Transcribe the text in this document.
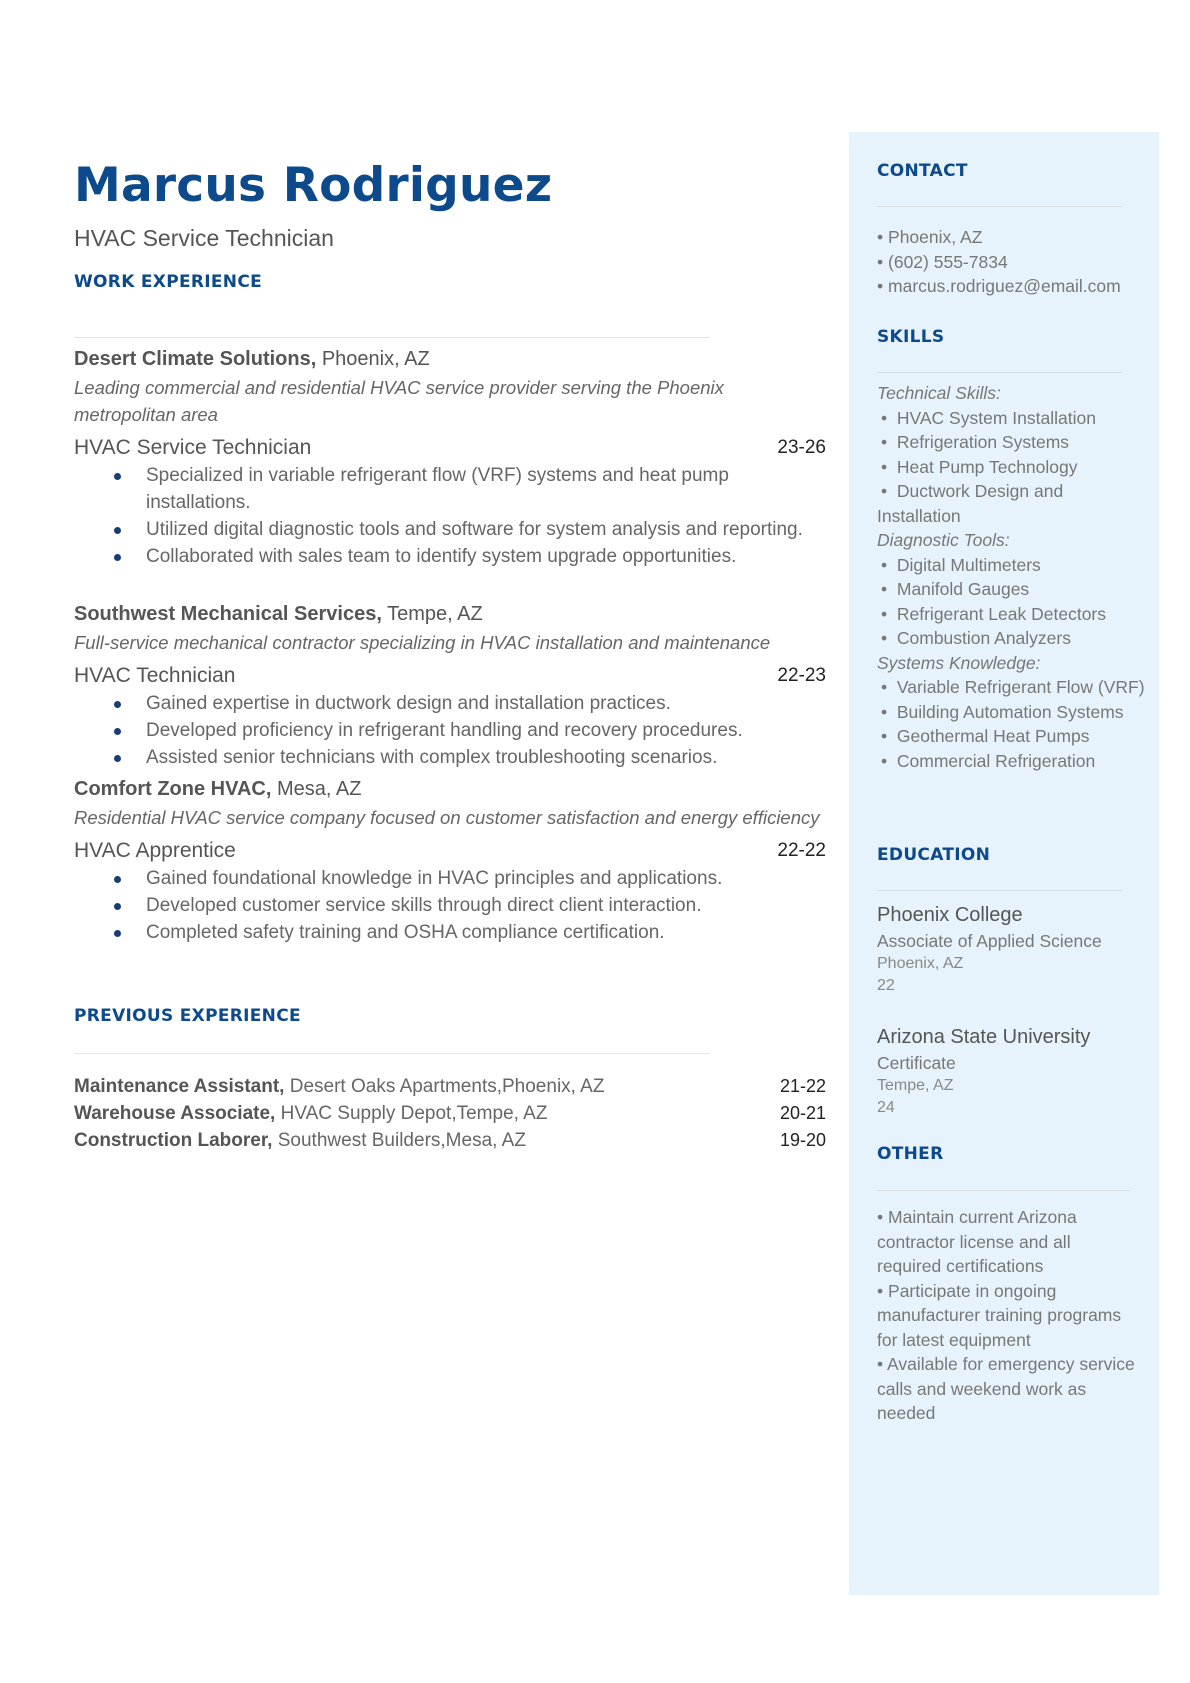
Marcus Rodriguez
HVAC Service Technician
WORK EXPERIENCE
Desert Climate Solutions, Phoenix, AZ
Leading commercial and residential HVAC service provider serving the Phoenix metropolitan area
HVAC Service Technician	23-26
Specialized in variable refrigerant flow (VRF) systems and heat pump installations.
Utilized digital diagnostic tools and software for system analysis and reporting.
Collaborated with sales team to identify system upgrade opportunities.
Southwest Mechanical Services, Tempe, AZ
Full-service mechanical contractor specializing in HVAC installation and maintenance
HVAC Technician	22-23
Gained expertise in ductwork design and installation practices.
Developed proficiency in refrigerant handling and recovery procedures.
Assisted senior technicians with complex troubleshooting scenarios.
Comfort Zone HVAC, Mesa, AZ
Residential HVAC service company focused on customer satisfaction and energy efficiency
HVAC Apprentice	22-22
Gained foundational knowledge in HVAC principles and applications.
Developed customer service skills through direct client interaction.
Completed safety training and OSHA compliance certification.
PREVIOUS EXPERIENCE
Maintenance Assistant, Desert Oaks Apartments,Phoenix, AZ	21-22
Warehouse Associate, HVAC Supply Depot,Tempe, AZ	20-21
Construction Laborer, Southwest Builders,Mesa, AZ	19-20
CONTACT
• Phoenix, AZ
• (602) 555-7834
• marcus.rodriguez@email.com
SKILLS
Technical Skills:
• HVAC System Installation
• Refrigeration Systems
• Heat Pump Technology
• Ductwork Design and Installation
Diagnostic Tools:
• Digital Multimeters
• Manifold Gauges
• Refrigerant Leak Detectors
• Combustion Analyzers
Systems Knowledge:
• Variable Refrigerant Flow (VRF)
• Building Automation Systems
• Geothermal Heat Pumps
• Commercial Refrigeration
EDUCATION
Phoenix College
Associate of Applied Science
Phoenix, AZ
22
Arizona State University
Certificate
Tempe, AZ
24
OTHER
• Maintain current Arizona contractor license and all required certifications
• Participate in ongoing manufacturer training programs for latest equipment
• Available for emergency service calls and weekend work as needed
